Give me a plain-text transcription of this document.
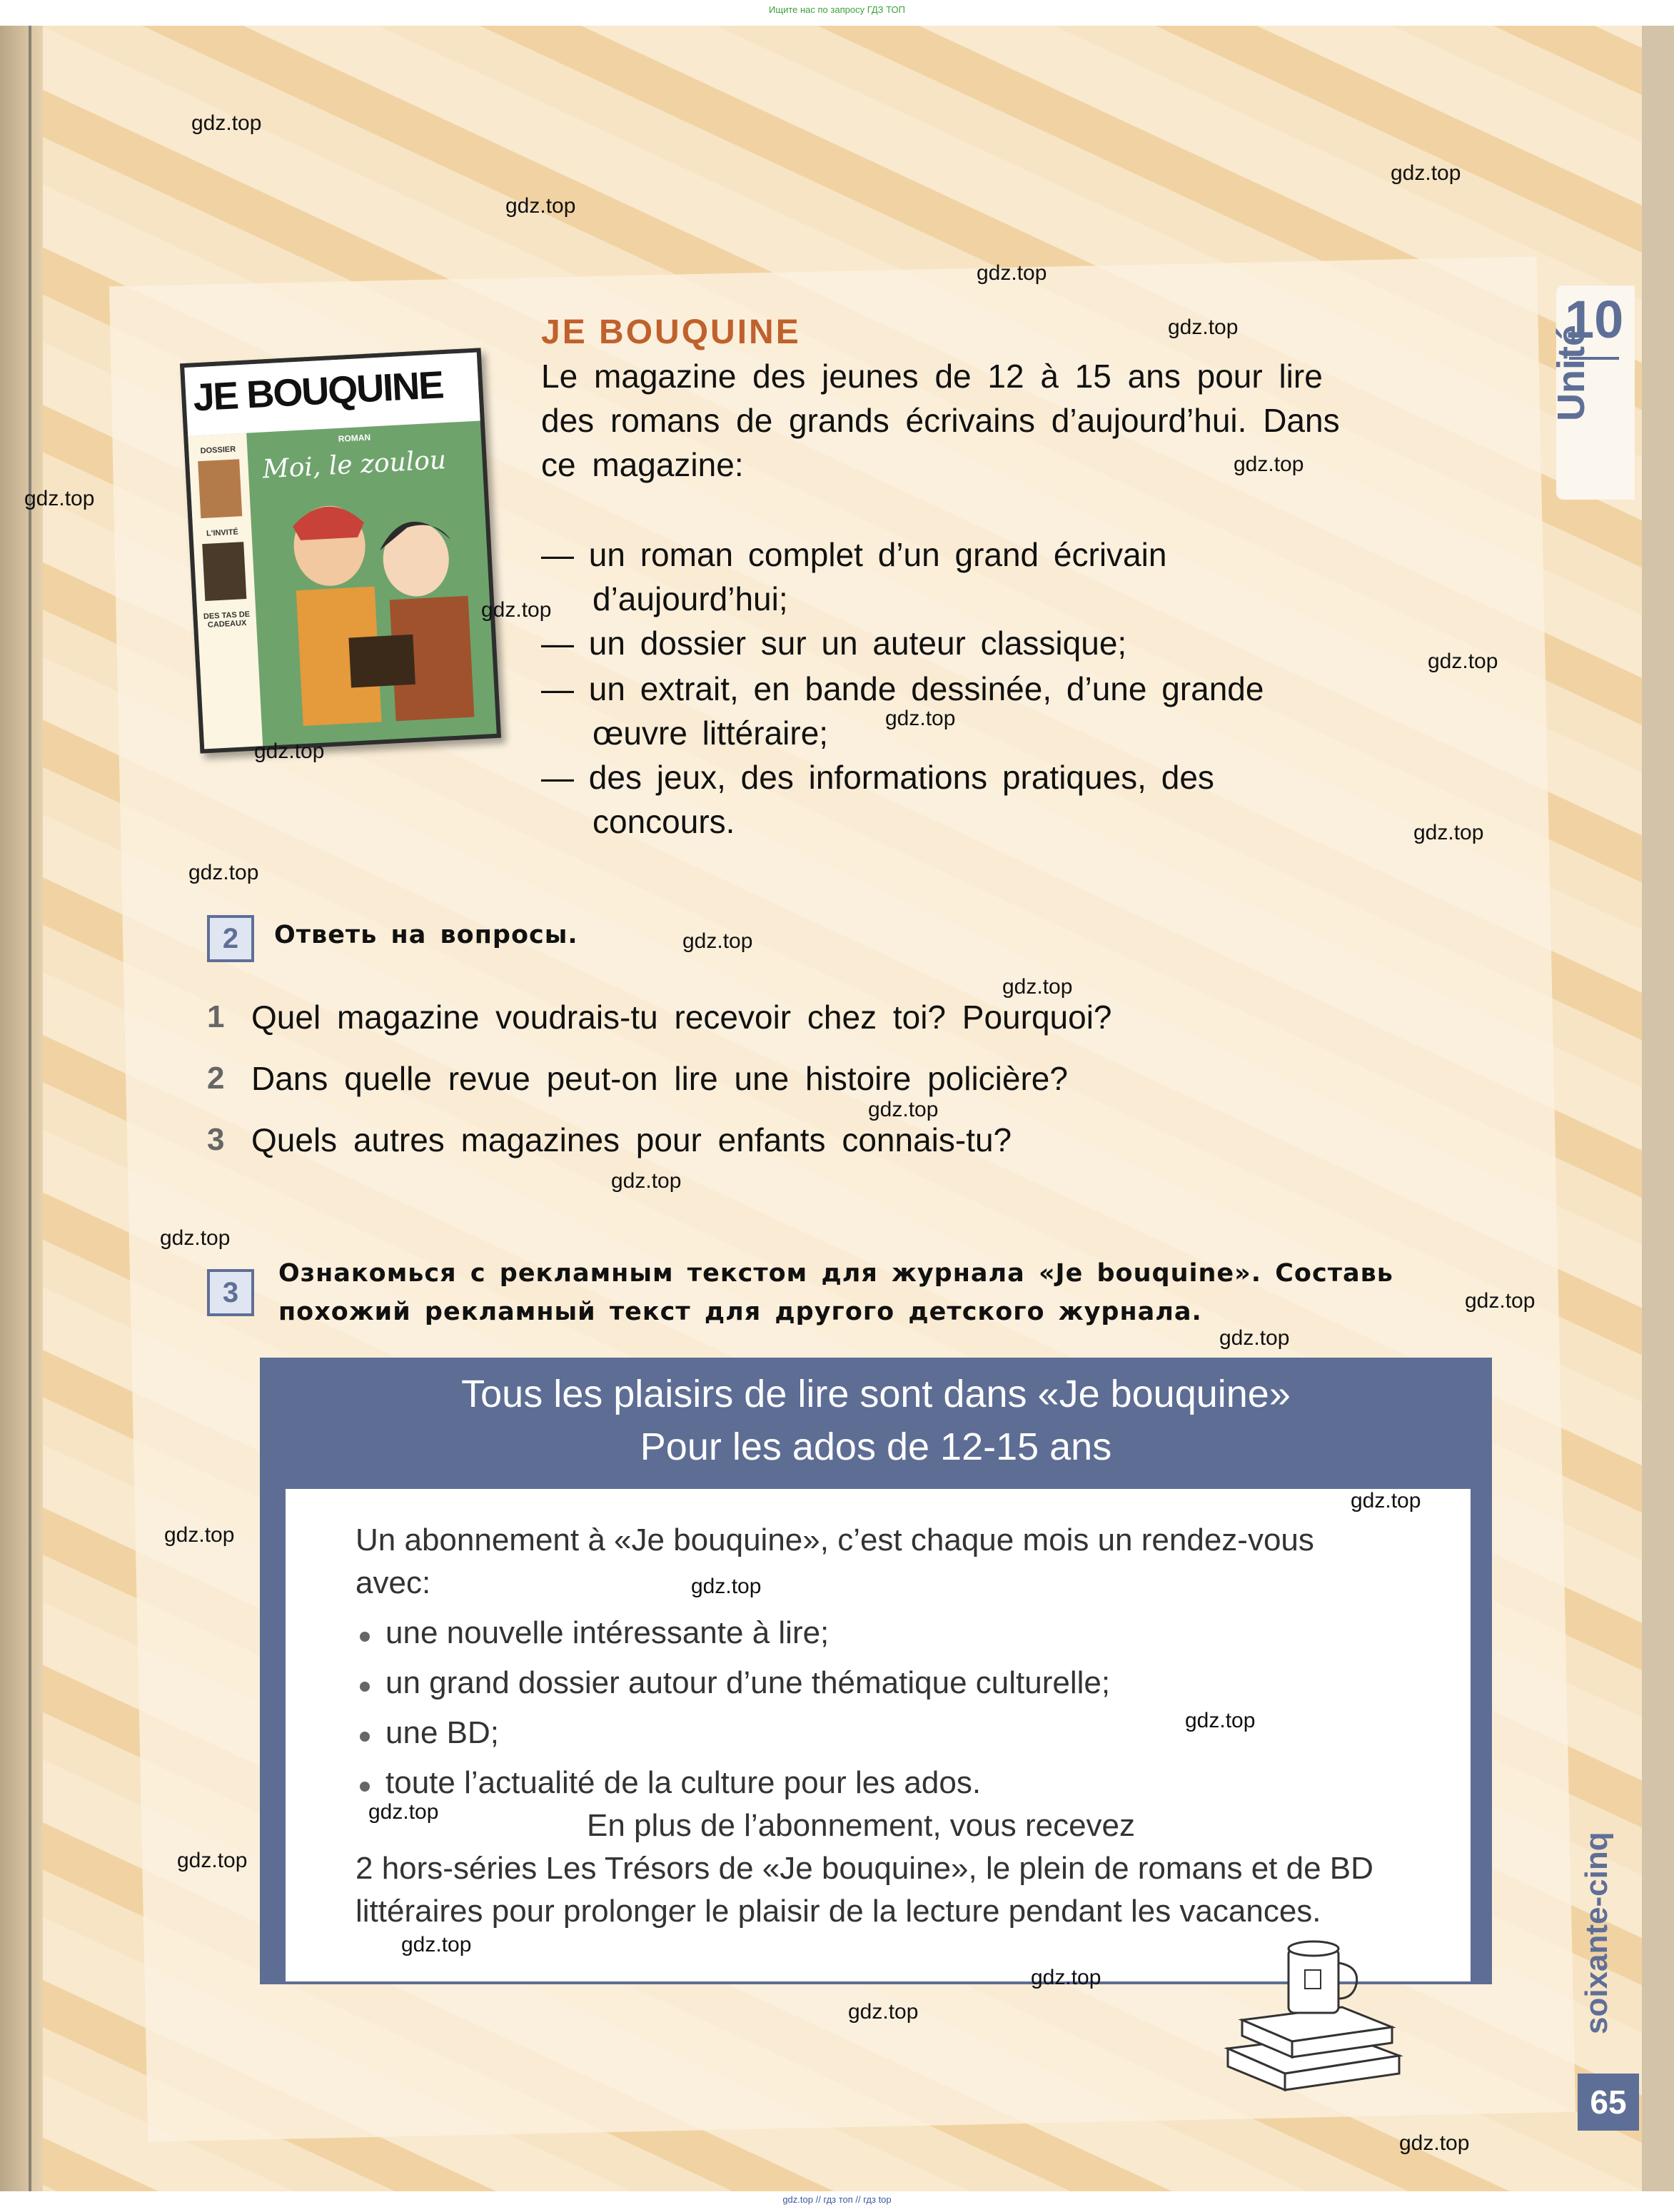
Ищите нас по запросу ГДЗ ТОП
gdz.top // гдз топ // гдз top
10
Unité
soixante-cinq
65
JE BOUQUINE
DOSSIER
L'INVITÉ
DES TAS DE CADEAUX
ROMAN
Moi, le zoulou
JE BOUQUINE
Le magazine des jeunes de 12 à 15 ans pour lire
des romans de grands écrivains d’aujourd’hui. Dans
ce magazine:
— un roman complet d’un grand écrivain
d’aujourd’hui;
— un dossier sur un auteur classique;
— un extrait, en bande dessinée, d’une grande
œuvre littéraire;
— des jeux, des informations pratiques, des
concours.
2	Ответь на вопросы.
1 Quel magazine voudrais-tu recevoir chez toi? Pourquoi?
2 Dans quelle revue peut-on lire une histoire policière?
3 Quels autres magazines pour enfants connais-tu?
3
Ознакомься с рекламным текстом для журнала «Je bouquine». Составь
похожий рекламный текст для другого детского журнала.
Tous les plaisirs de lire sont dans «Je bouquine»
Pour les ados de 12-15 ans
Un abonnement à «Je bouquine», c’est chaque mois un rendez-vous
avec:
une nouvelle intéressante à lire;
un grand dossier autour d’une thématique culturelle;
une BD;
toute l’actualité de la culture pour les ados.
En plus de l’abonnement, vous recevez
2 hors-séries Les Trésors de «Je bouquine», le plein de romans et de BD
littéraires pour prolonger le plaisir de la lecture pendant les vacances.
gdz.top
gdz.top
gdz.top
gdz.top
gdz.top
gdz.top
gdz.top
gdz.top
gdz.top
gdz.top
gdz.top
gdz.top
gdz.top
gdz.top
gdz.top
gdz.top
gdz.top
gdz.top
gdz.top
gdz.top
gdz.top
gdz.top
gdz.top
gdz.top
gdz.top
gdz.top
gdz.top
gdz.top
gdz.top
gdz.top
